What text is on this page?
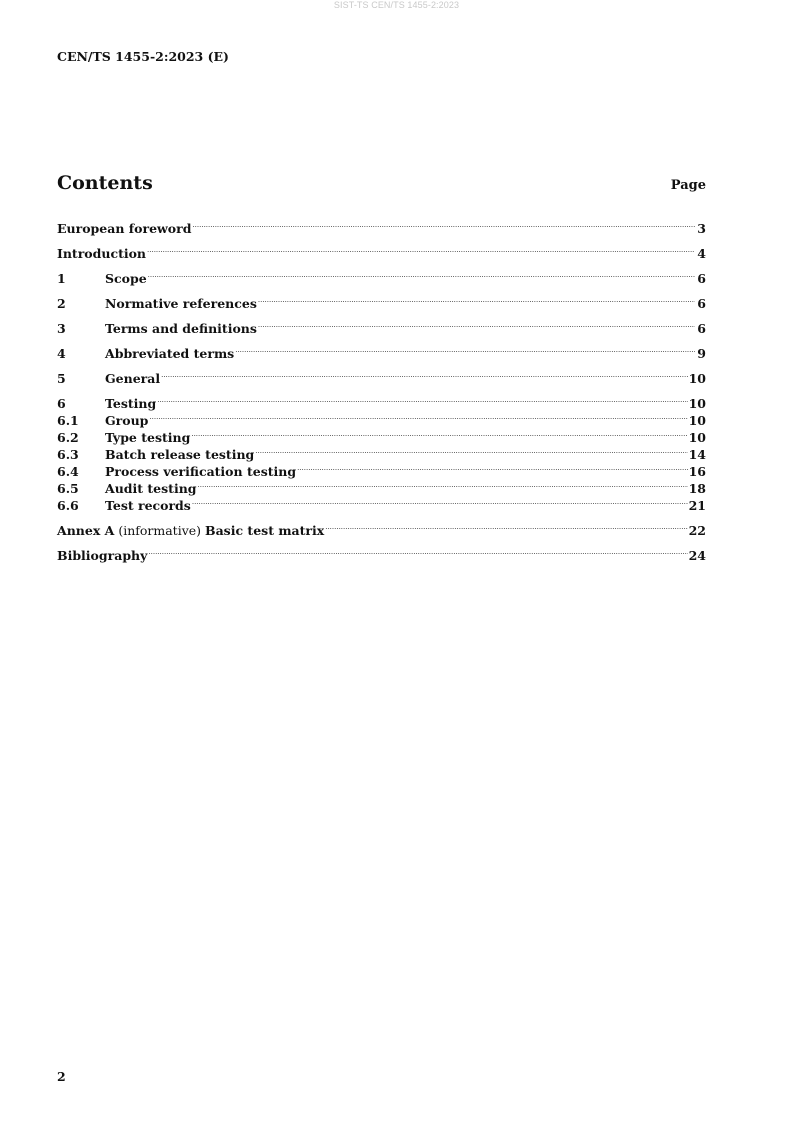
SIST-TS CEN/TS 1455-2:2023
CEN/TS 1455-2:2023 (E)
Contents	Page
European foreword .....	3
Introduction .....	4
1	Scope .....	6
2	Normative references .....	6
3	Terms and definitions .....	6
4	Abbreviated terms .....	9
5	General .....	10
6	Testing .....	10
6.1	Group .....	10
6.2	Type testing .....	10
6.3	Batch release testing .....	14
6.4	Process verification testing .....	16
6.5	Audit testing .....	18
6.6	Test records .....	21
Annex A (informative) Basic test matrix .....	22
Bibliography .....	24
2
